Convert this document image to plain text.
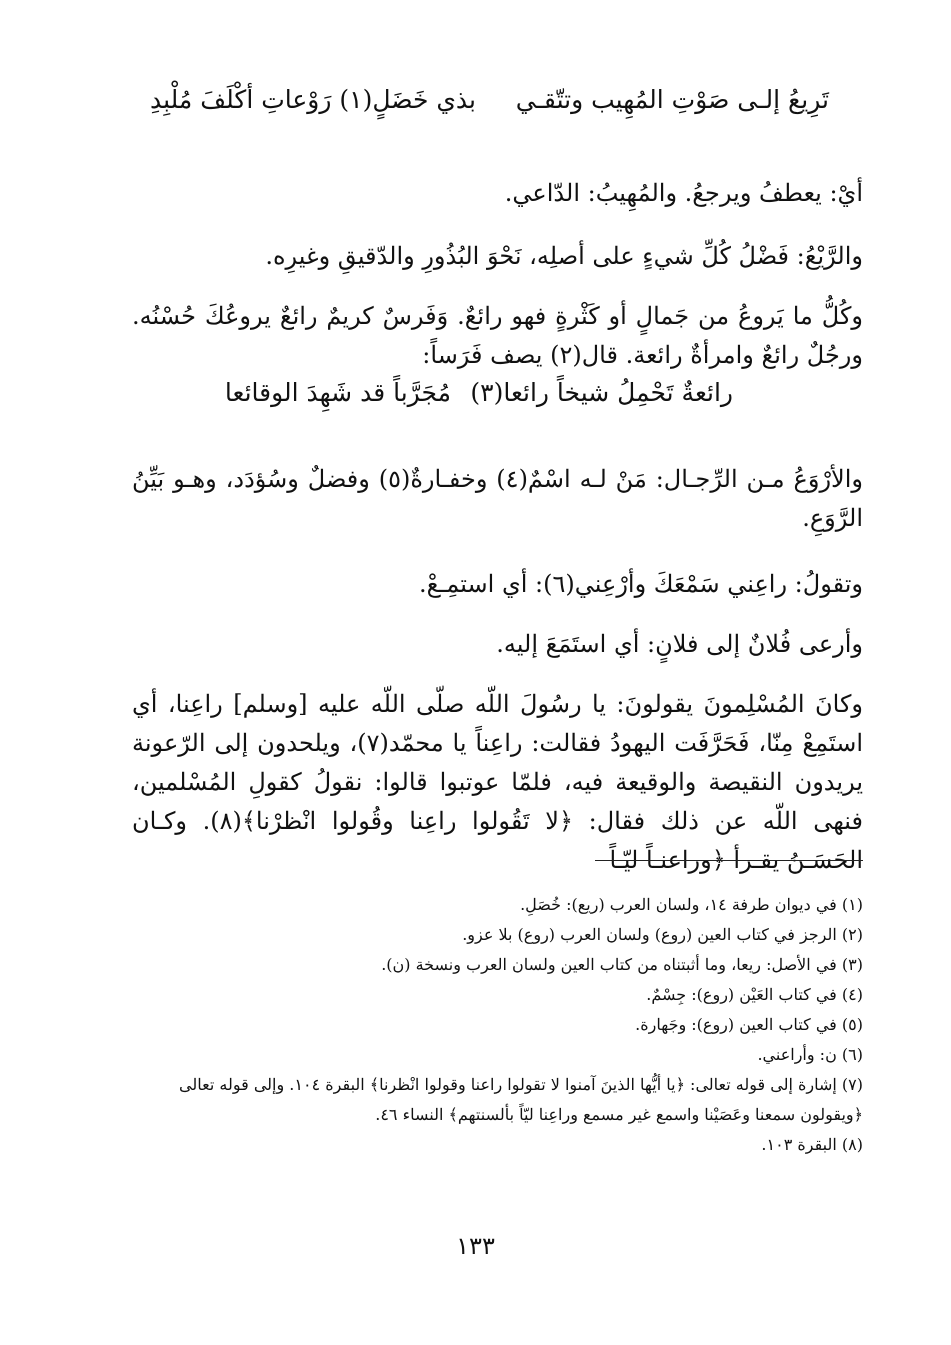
تَرِيعُ إلـى صَوْتِ المُهِيب وتتّقـي
بذي خَضَلٍ(١) رَوْعاتِ أكْلَفَ مُلْبِدِ

أيْ: يعطفُ ويرجعُ. والمُهِيبُ: الدّاعي.

والرَّيْعُ: فَضْلُ كُلِّ شيءٍ على أصلِه، نَحْوَ البُذُورِ والدّقيقِ وغيرِه.

وكُلُّ ما يَروعُ من جَمالٍ أو كَثْرةٍ فهو رائعٌ. وَفَرسٌ كريمٌ رائعٌ يروعُكَ حُسْنُه. ورجُلٌ رائعٌ وامرأةٌ رائعة. قال(٢) يصف فَرَساً:

رائعةٌ تَحْمِلُ شيخاً رائعا(٣)
مُجَرَّباً قد شَهِدَ الوقائعا

والأرْوَعُ مـن الرِّجـال: مَنْ لـه اسْمٌ(٤) وخفـارةٌ(٥) وفضلٌ وسُؤدَد، وهـو بَيِّنُ الرَّوَعِ.

وتقولُ: راعِني سَمْعَكَ وأرْعِني(٦): أي استمِـعْ.

وأرعى فُلانٌ إلى فلانٍ: أي استَمَعَ إليه.

وكانَ المُسْلِمونَ يقولونَ: يا رسُولَ اللّه صلّى اللّه عليه [وسلم] راعِنا، أي استَمِعْ مِنّا، فَحَرَّفَت اليهودُ فقالت: راعِناً يا محمّد(٧)، ويلحدون إلى الرّعونة يريدون النقيصة والوقيعة فيه، فلمّا عوتبوا قالوا: نقولُ كقولِ المُسْلمين، فنهى اللّه عن ذلك فقال: ﴿لا تَقُولوا راعِنا وقُولوا انْظرْنا﴾(٨). وكـان الحَسَـنُ يقـرأ ﴿وراعنـاً ليّـاً

(١) في ديوان طرفة ١٤، ولسان العرب (ريع): خُصَلِ.

(٢) الرجز في كتاب العين (روع) ولسان العرب (روع) بلا عزو.

(٣) في الأصل: ريعا، وما أثبتناه من كتاب العين ولسان العرب ونسخة (ن).

(٤) في كتاب العَيْن (روع): جِسْمٌ.

(٥) في كتاب العين (روع): وجَهارة.

(٦) ن: وأراعني.

(٧) إشارة إلى قوله تعالى: ﴿يا أيُّها الذينَ آمنوا لا تقولوا راعنا وقولوا انْظرنا﴾ البقرة ١٠٤. وإلى قوله تعالى ﴿ويقولون سمعنا وعَصَيْنا واسمع غير مسمع وراعِنا ليّاً بألسنتهم﴾ النساء ٤٦.

(٨) البقرة ١٠٣.

١٣٣
